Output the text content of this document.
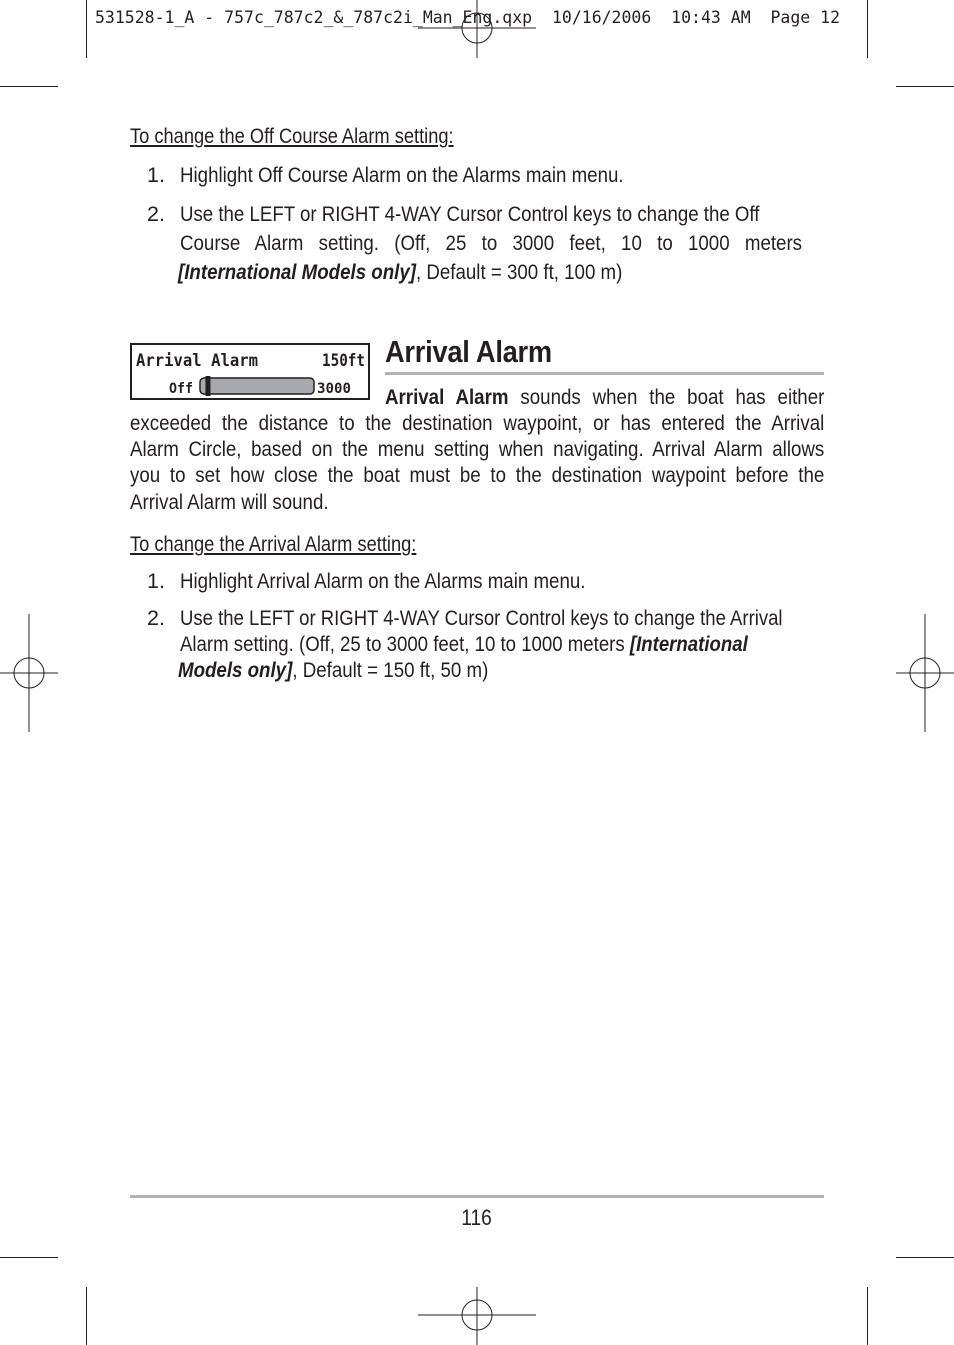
531528-1_A - 757c_787c2_&_787c2i_Man_Eng.qxp  10/16/2006  10:43 AM  Page 12
To change the Off Course Alarm setting:
1. Highlight Off Course Alarm on the Alarms main menu.
2. Use the LEFT or RIGHT 4-WAY Cursor Control keys to change the Off
Course Alarm setting. (Off, 25 to 3000 feet, 10 to 1000 meters
[International Models only], Default = 300 ft, 100 m)
Arrival Alarm	150ft
Off	3000
Arrival Alarm
Arrival Alarm sounds when the boat has either
exceeded the distance to the destination waypoint, or has entered the Arrival
Alarm Circle, based on the menu setting when navigating. Arrival Alarm allows
you to set how close the boat must be to the destination waypoint before the
Arrival Alarm will sound.
To change the Arrival Alarm setting:
1. Highlight Arrival Alarm on the Alarms main menu.
2. Use the LEFT or RIGHT 4-WAY Cursor Control keys to change the Arrival
Alarm setting. (Off, 25 to 3000 feet, 10 to 1000 meters [International
Models only], Default = 150 ft, 50 m)
116
